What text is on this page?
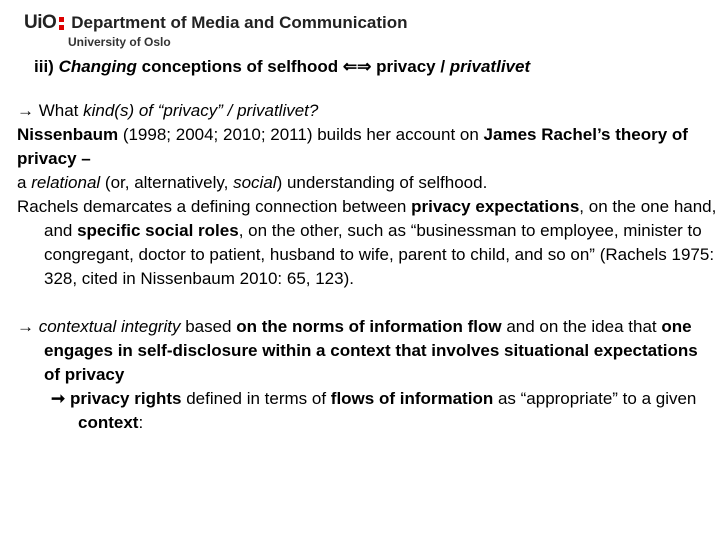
UiO Department of Media and Communication
University of Oslo
iii) Changing conceptions of selfhood ⇐⇒ privacy / privatlivet

→ What kind(s) of “privacy” / privatlivet?

Nissenbaum (1998; 2004; 2010; 2011) builds her account on James Rachel’s theory of privacy –

a relational (or, alternatively, social) understanding of selfhood.

Rachels demarcates a defining connection between privacy expectations, on the one hand, and specific social roles, on the other, such as “businessman to employee, minister to congregant, doctor to patient, husband to wife, parent to child, and so on” (Rachels 1975: 328, cited in Nissenbaum 2010: 65, 123).

→ contextual integrity based on the norms of information flow and on the idea that one engages in self-disclosure within a context that involves situational expectations of privacy

➞ privacy rights defined in terms of flows of information as “appropriate” to a given context:
